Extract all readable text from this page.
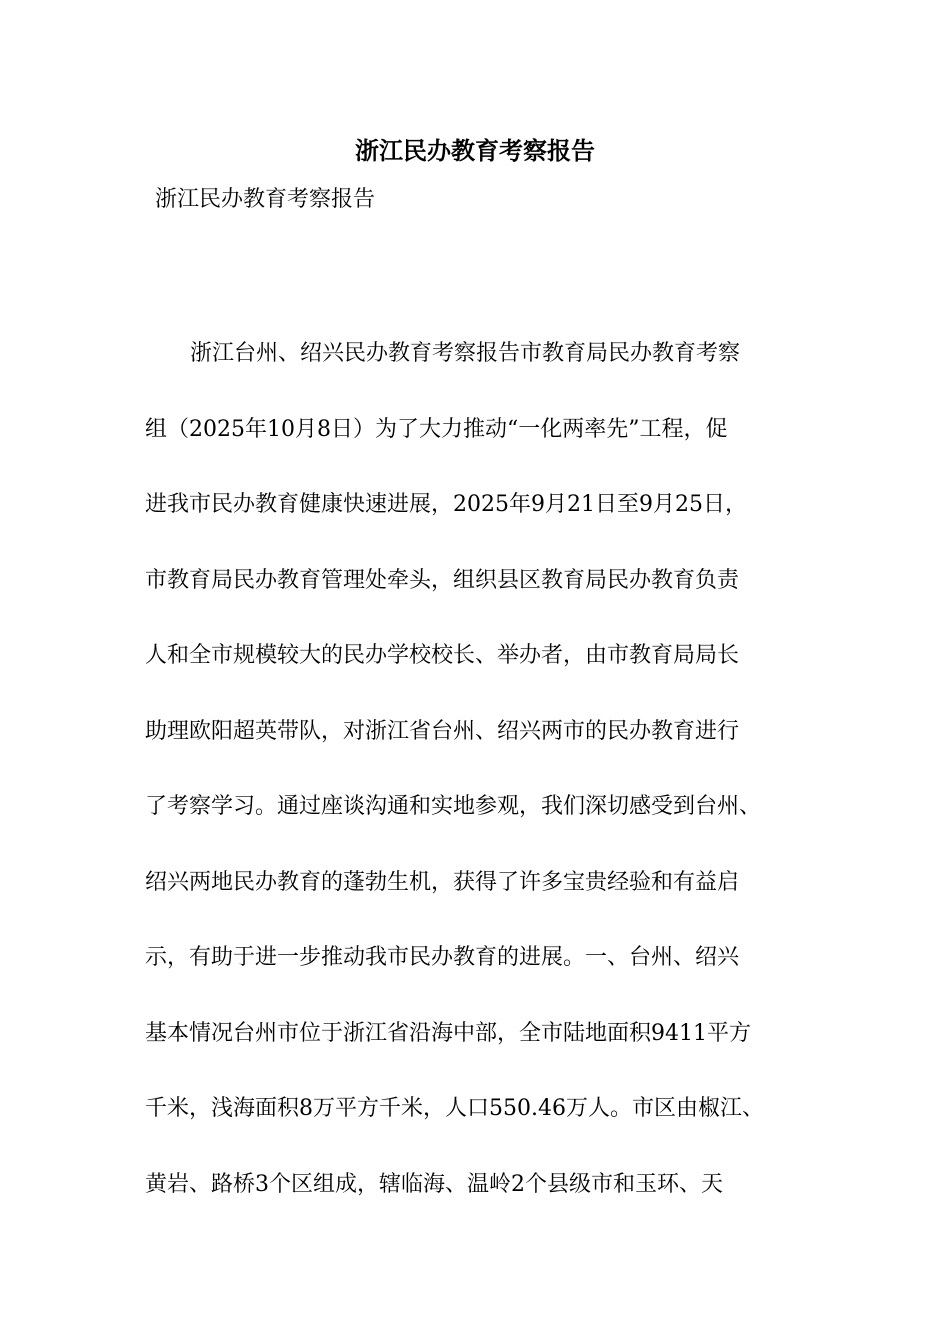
浙江民办教育考察报告
浙江民办教育考察报告
浙江台州、绍兴民办教育考察报告市教育局民办教育考察
组（2025年10月8日）为了大力推动“一化两率先”工程，促
进我市民办教育健康快速进展，2025年9月21日至9月25日，
市教育局民办教育管理处牵头，组织县区教育局民办教育负责
人和全市规模较大的民办学校校长、举办者，由市教育局局长
助理欧阳超英带队，对浙江省台州、绍兴两市的民办教育进行
了考察学习。通过座谈沟通和实地参观，我们深切感受到台州、
绍兴两地民办教育的蓬勃生机，获得了许多宝贵经验和有益启
示，有助于进一步推动我市民办教育的进展。一、台州、绍兴
基本情况台州市位于浙江省沿海中部，全市陆地面积9411平方
千米，浅海面积8万平方千米，人口550.46万人。市区由椒江、
黄岩、路桥3个区组成，辖临海、温岭2个县级市和玉环、天
